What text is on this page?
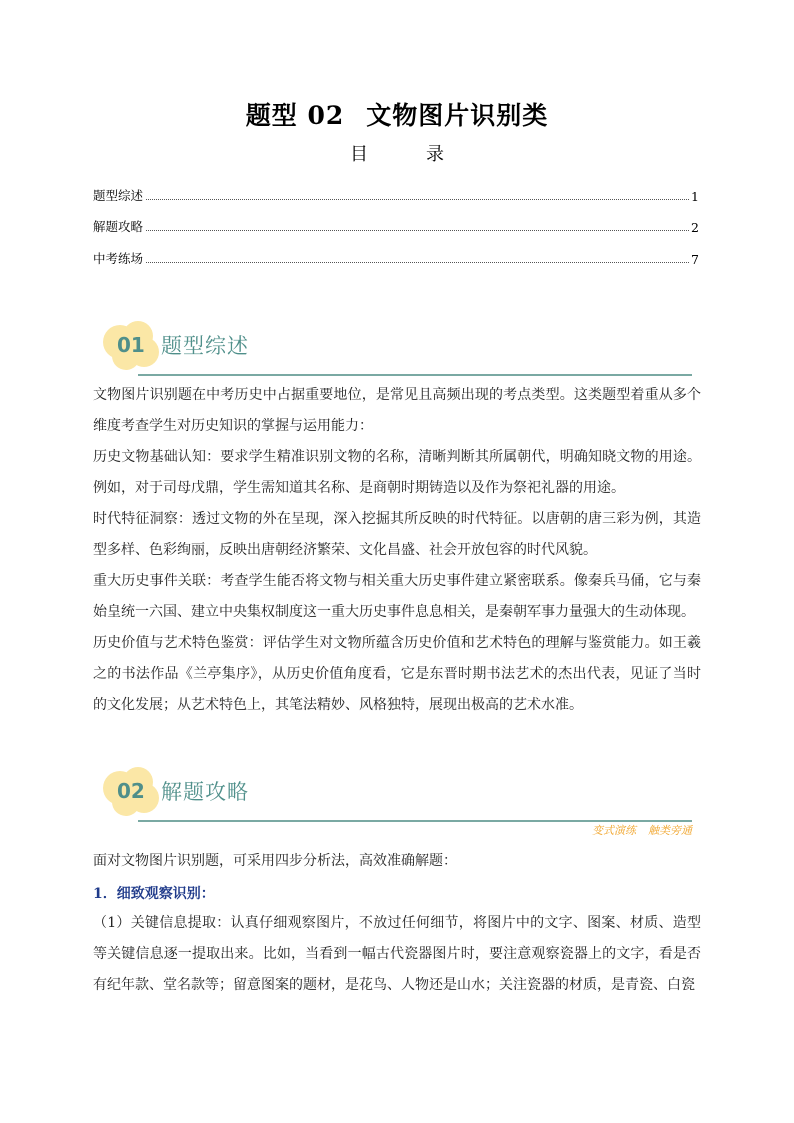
题型 02 文物图片识别类
目	录
题型综述	1
解题攻略	2
中考练场	7
01 题型综述

文物图片识别题在中考历史中占据重要地位，是常见且高频出现的考点类型。这类题型着重从多个维度考查学生对历史知识的掌握与运用能力：

历史文物基础认知：要求学生精准识别文物的名称，清晰判断其所属朝代，明确知晓文物的用途。例如，对于司母戊鼎，学生需知道其名称、是商朝时期铸造以及作为祭祀礼器的用途。

时代特征洞察：透过文物的外在呈现，深入挖掘其所反映的时代特征。以唐朝的唐三彩为例，其造型多样、色彩绚丽，反映出唐朝经济繁荣、文化昌盛、社会开放包容的时代风貌。

重大历史事件关联：考查学生能否将文物与相关重大历史事件建立紧密联系。像秦兵马俑，它与秦始皇统一六国、建立中央集权制度这一重大历史事件息息相关，是秦朝军事力量强大的生动体现。

历史价值与艺术特色鉴赏：评估学生对文物所蕴含历史价值和艺术特色的理解与鉴赏能力。如王羲之的书法作品《兰亭集序》，从历史价值角度看，它是东晋时期书法艺术的杰出代表，见证了当时的文化发展；从艺术特色上，其笔法精妙、风格独特，展现出极高的艺术水准。

02 解题攻略
变式演练 触类旁通

面对文物图片识别题，可采用四步分析法，高效准确解题：

1．细致观察识别：

（1）关键信息提取：认真仔细观察图片，不放过任何细节，将图片中的文字、图案、材质、造型等关键信息逐一提取出来。比如，当看到一幅古代瓷器图片时，要注意观察瓷器上的文字，看是否有纪年款、堂名款等；留意图案的题材，是花鸟、人物还是山水；关注瓷器的材质，是青瓷、白瓷
